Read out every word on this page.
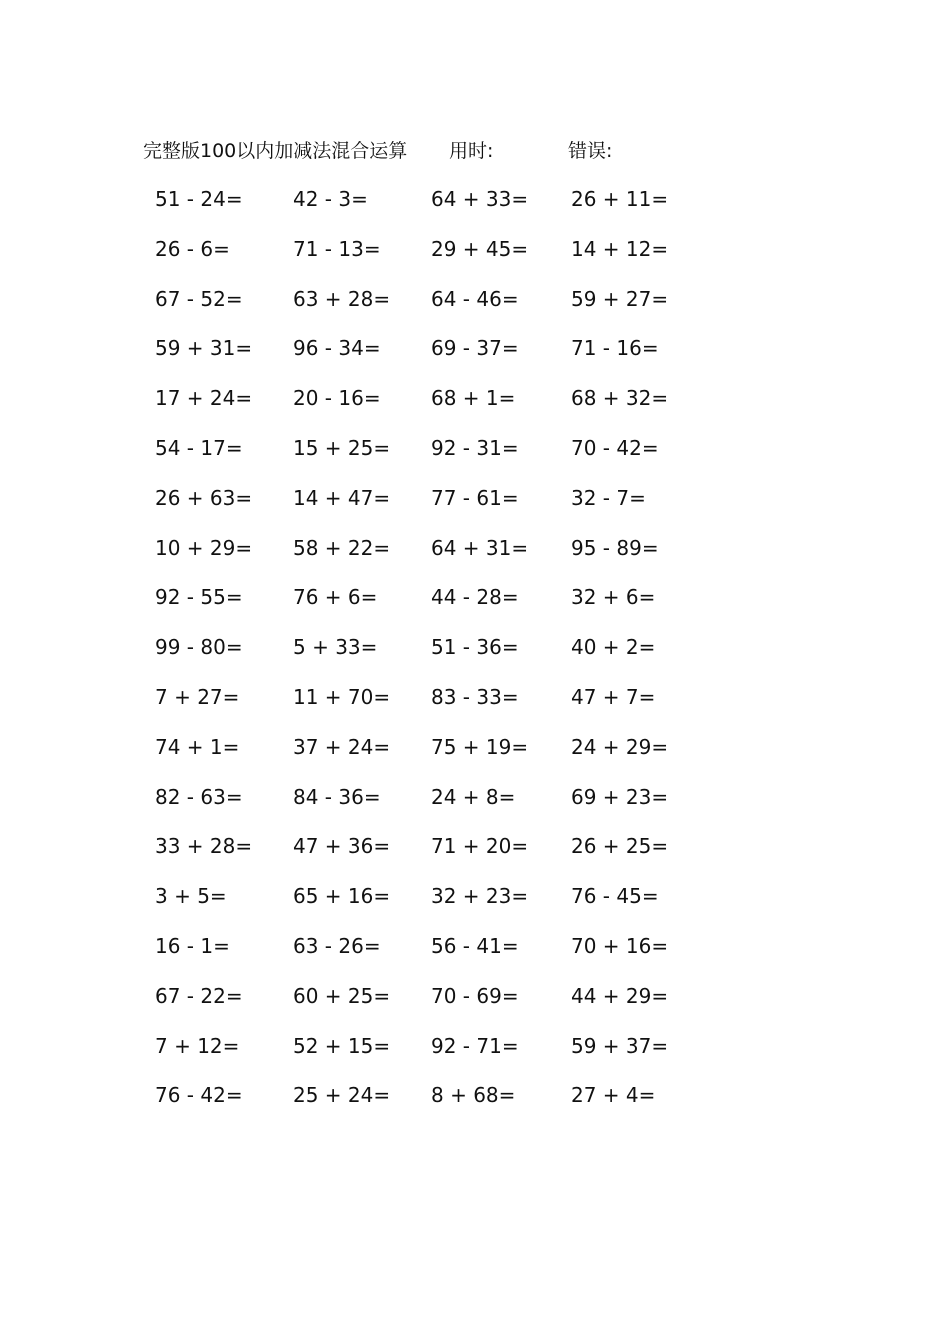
完整版100以内加减法混合运算 用时:	错误:
51 - 24=	42 - 3=	64 + 33= 26 + 11=
26 - 6=	71 - 13=	29 + 45= 14 + 12=
67 - 52=	63 + 28= 64 - 46=	59 + 27=
59 + 31= 96 - 34=	69 - 37=	71 - 16=
17 + 24= 20 - 16=	68 + 1=	68 + 32=
54 - 17=	15 + 25= 92 - 31=	70 - 42=
26 + 63= 14 + 47= 77 - 61=	32 - 7=
10 + 29= 58 + 22= 64 + 31= 95 - 89=
92 - 55=	76 + 6=	44 - 28=	32 + 6=
99 - 80=	5 + 33=	51 - 36=	40 + 2=
7 + 27=	11 + 70= 83 - 33=	47 + 7=
74 + 1=	37 + 24= 75 + 19= 24 + 29=
82 - 63=	84 - 36=	24 + 8=	69 + 23=
33 + 28= 47 + 36= 71 + 20= 26 + 25=
3 + 5=	65 + 16= 32 + 23= 76 - 45=
16 - 1=	63 - 26=	56 - 41=	70 + 16=
67 - 22=	60 + 25= 70 - 69=	44 + 29=
7 + 12=	52 + 15= 92 - 71=	59 + 37=
76 - 42=	25 + 24= 8 + 68=	27 + 4=
